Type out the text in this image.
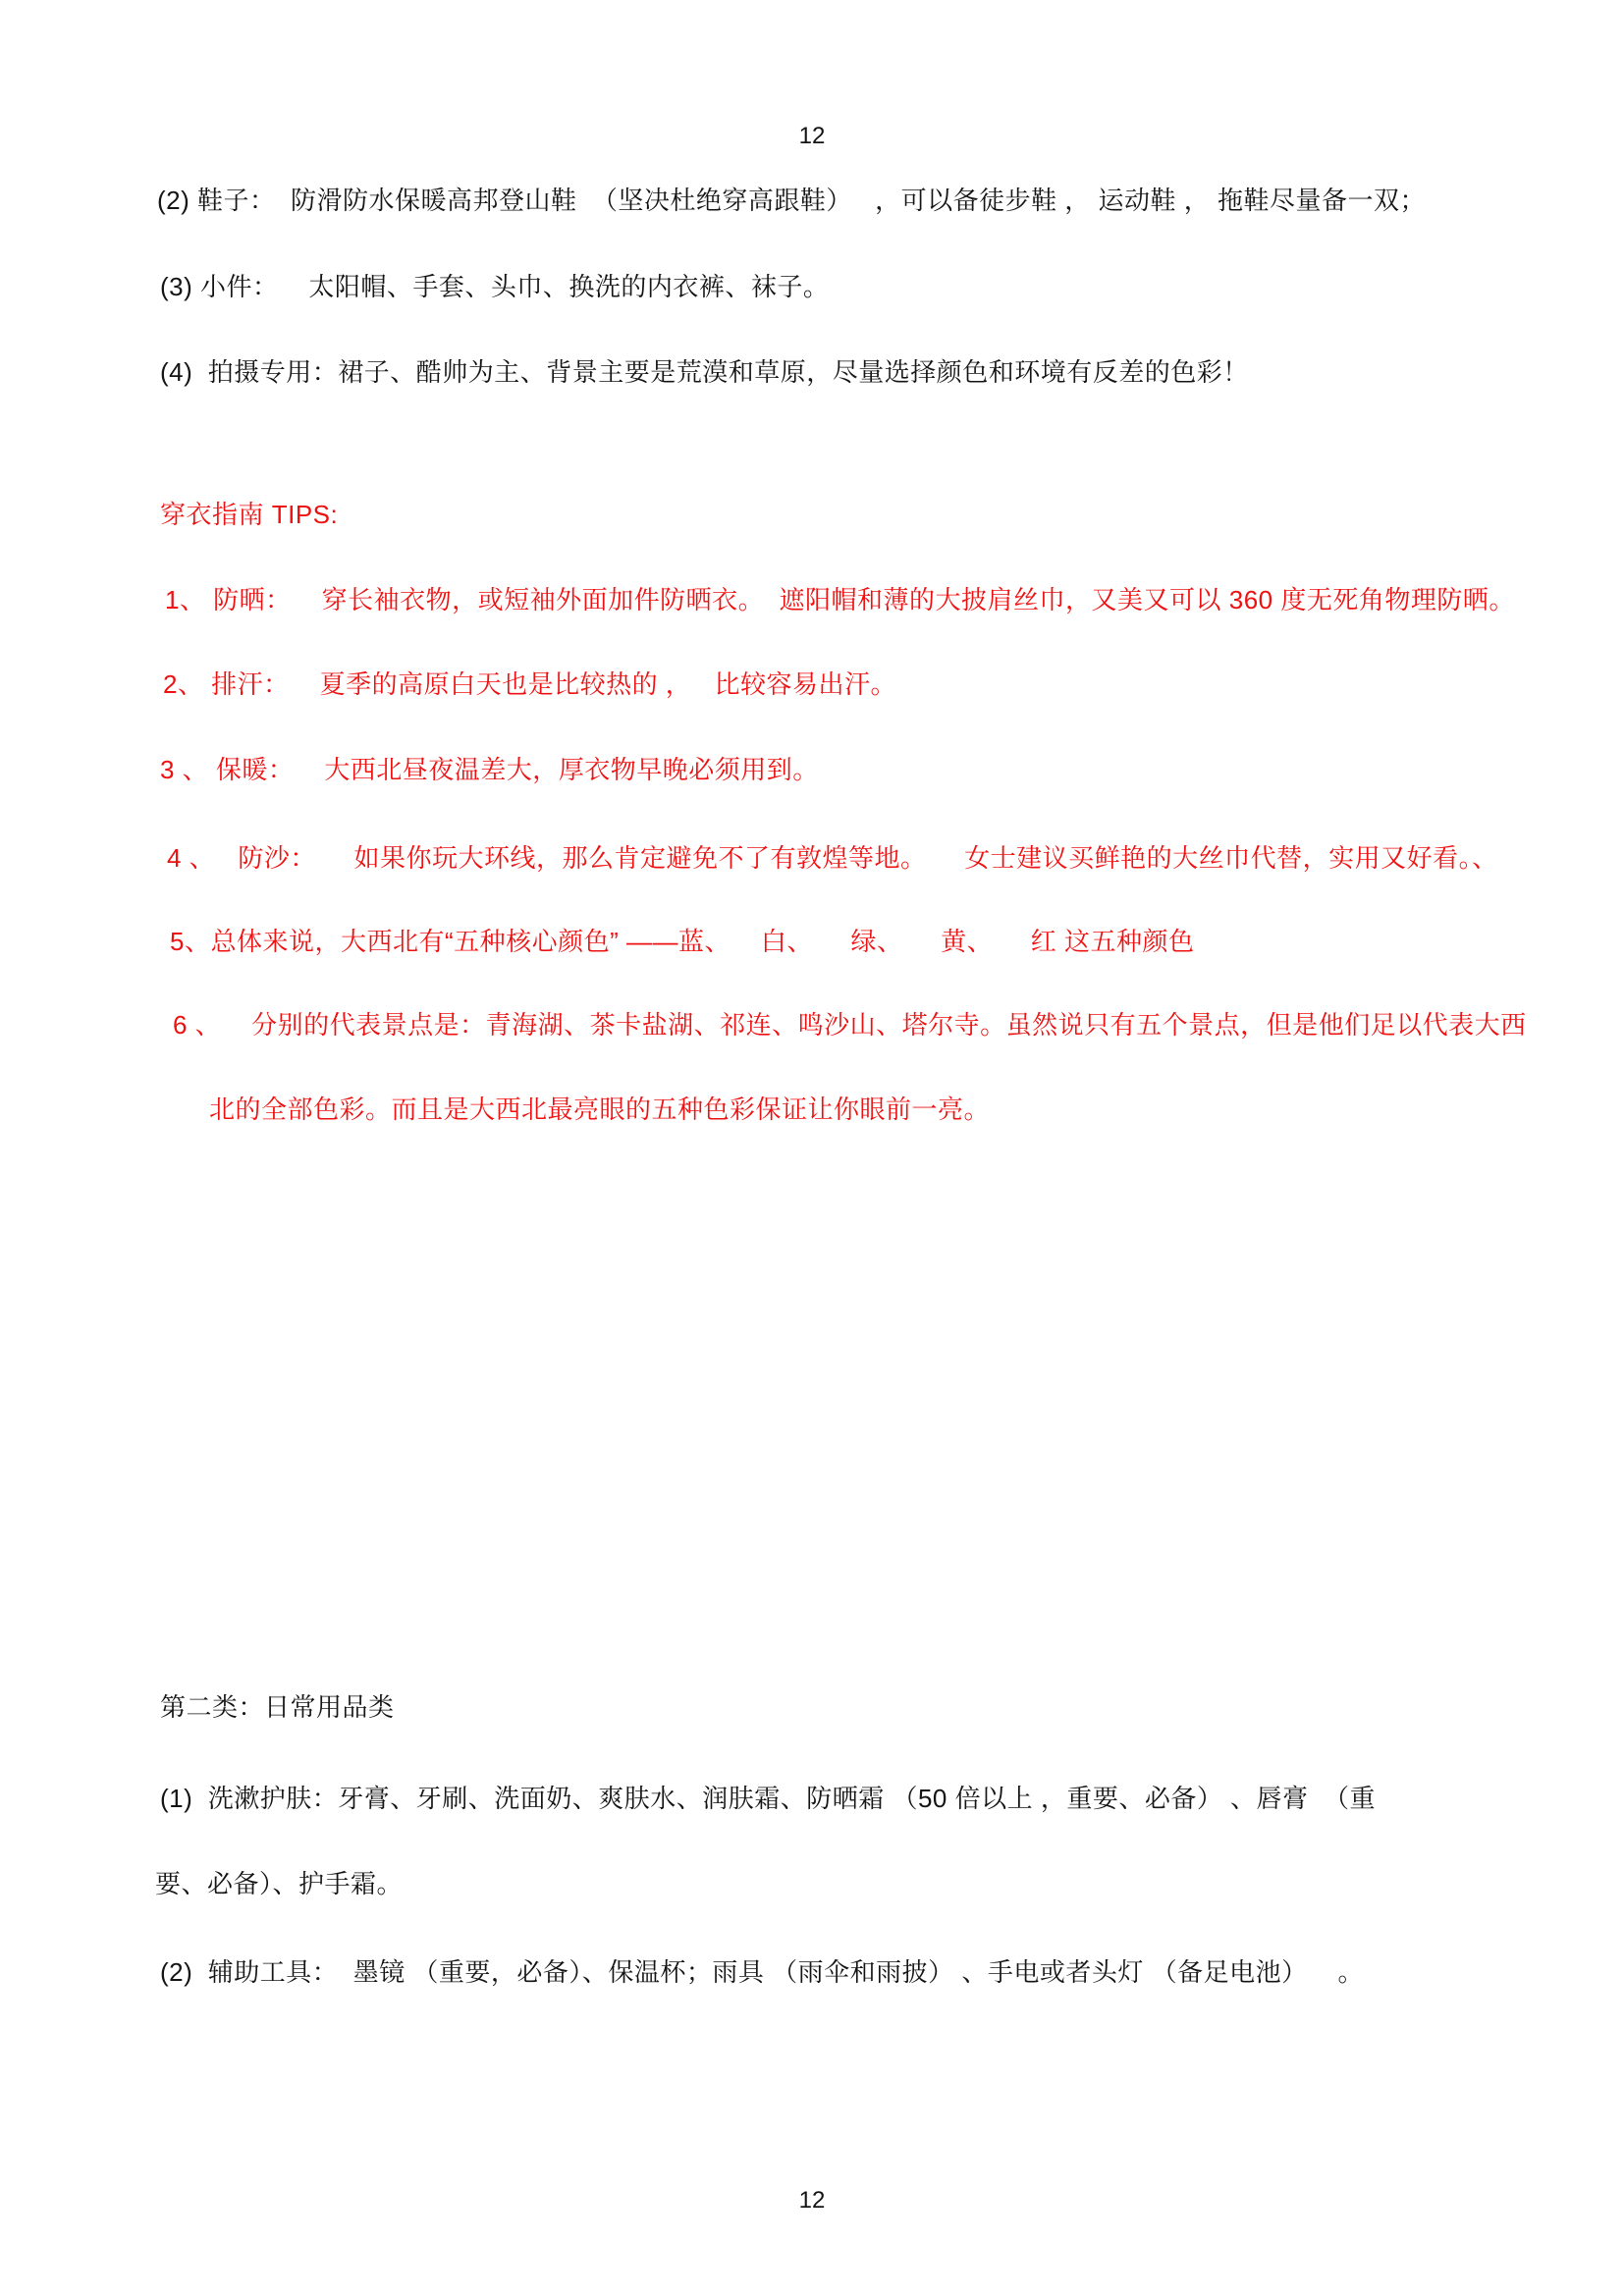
12
(2) 鞋子：  防滑防水保暖高邦登山鞋  （坚决杜绝穿高跟鞋）   ，可以备徒步鞋 ， 运动鞋 ， 拖鞋尽量备一双；
(3) 小件：    太阳帽、手套、头巾、换洗的内衣裤、袜子。
(4)  拍摄专用：裙子、酷帅为主、背景主要是荒漠和草原，尽量选择颜色和环境有反差的色彩！
穿衣指南 TIPS:
1、 防晒：    穿长袖衣物，或短袖外面加件防晒衣。  遮阳帽和薄的大披肩丝巾，又美又可以 360 度无死角物理防晒。
2、 排汗：    夏季的高原白天也是比较热的 ，   比较容易出汗。
3 、 保暖：    大西北昼夜温差大，厚衣物早晚必须用到。
4 、   防沙：     如果你玩大环线，那么肯定避免不了有敦煌等地。     女士建议买鲜艳的大丝巾代替，实用又好看。、
5、总体来说，大西北有“五种核心颜色” ——蓝、    白、     绿、     黄、     红 这五种颜色
6 、    分别的代表景点是：青海湖、茶卡盐湖、祁连、鸣沙山、塔尔寺。虽然说只有五个景点，但是他们足以代表大西
北的全部色彩。而且是大西北最亮眼的五种色彩保证让你眼前一亮。
第二类：日常用品类
(1)  洗漱护肤：牙膏、牙刷、洗面奶、爽肤水、润肤霜、防晒霜 （50 倍以上 ，重要、必备） 、唇膏  （重
要、必备）、护手霜。
(2)  辅助工具：  墨镜 （重要，必备）、保温杯；雨具 （雨伞和雨披） 、手电或者头灯 （备足电池）    。
12
